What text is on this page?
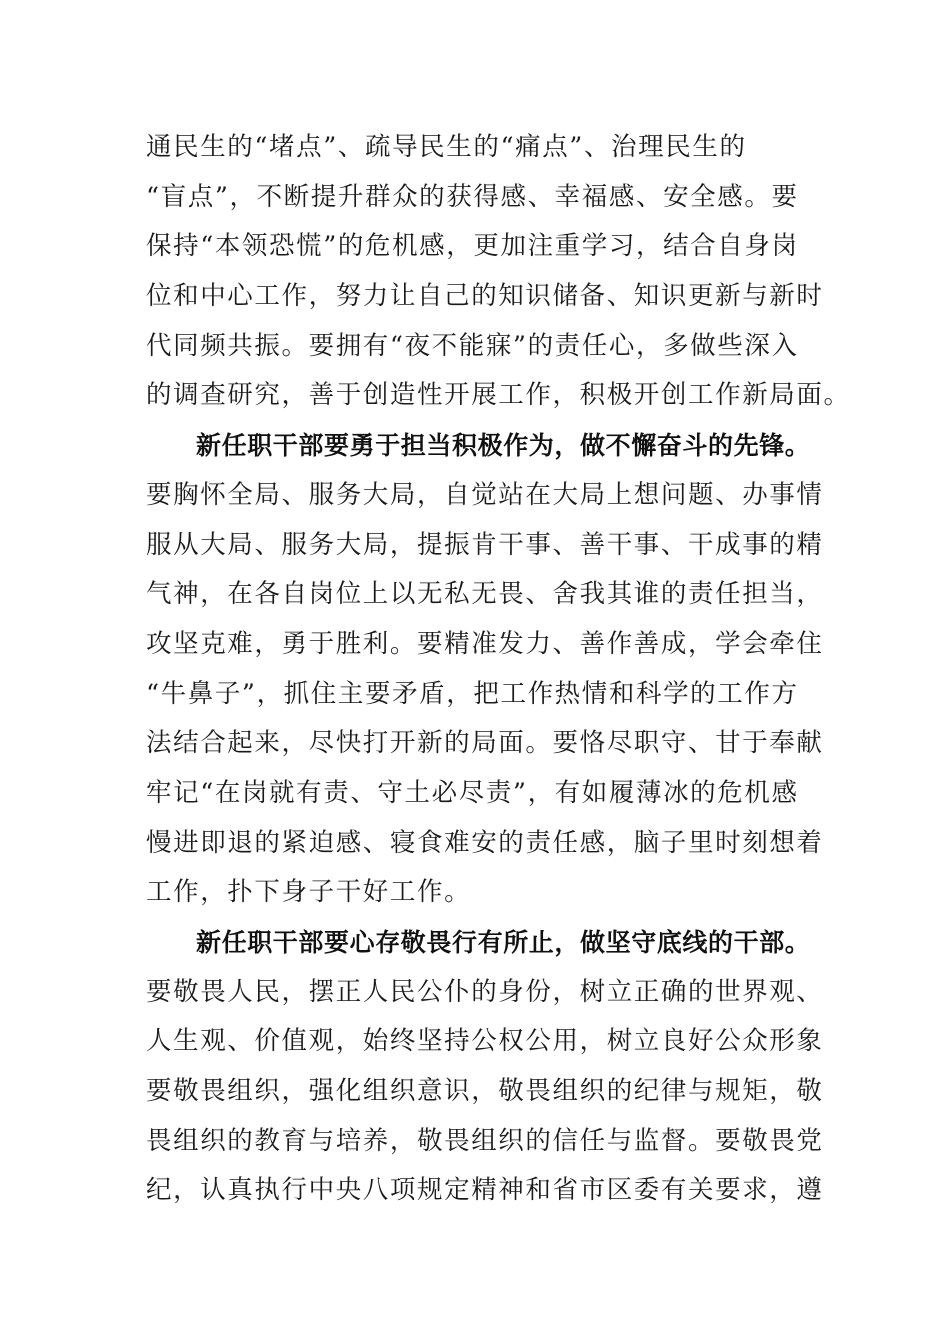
通民生的“堵点”、疏导民生的“痛点”、治理民生的
“盲点”，不断提升群众的获得感、幸福感、安全感。要
保持“本领恐慌”的危机感，更加注重学习，结合自身岗
位和中心工作，努力让自己的知识储备、知识更新与新时
代同频共振。要拥有“夜不能寐”的责任心，多做些深入
的调查研究，善于创造性开展工作，积极开创工作新局面。
新任职干部要勇于担当积极作为，做不懈奋斗的先锋。
要胸怀全局、服务大局，自觉站在大局上想问题、办事情
服从大局、服务大局，提振肯干事、善干事、干成事的精
气神，在各自岗位上以无私无畏、舍我其谁的责任担当，
攻坚克难，勇于胜利。要精准发力、善作善成，学会牵住
“牛鼻子”，抓住主要矛盾，把工作热情和科学的工作方
法结合起来，尽快打开新的局面。要恪尽职守、甘于奉献
牢记“在岗就有责、守土必尽责”，有如履薄冰的危机感
慢进即退的紧迫感、寝食难安的责任感，脑子里时刻想着
工作，扑下身子干好工作。
新任职干部要心存敬畏行有所止，做坚守底线的干部。
要敬畏人民，摆正人民公仆的身份，树立正确的世界观、
人生观、价值观，始终坚持公权公用，树立良好公众形象
要敬畏组织，强化组织意识，敬畏组织的纪律与规矩，敬
畏组织的教育与培养，敬畏组织的信任与监督。要敬畏党
纪，认真执行中央八项规定精神和省市区委有关要求，遵
